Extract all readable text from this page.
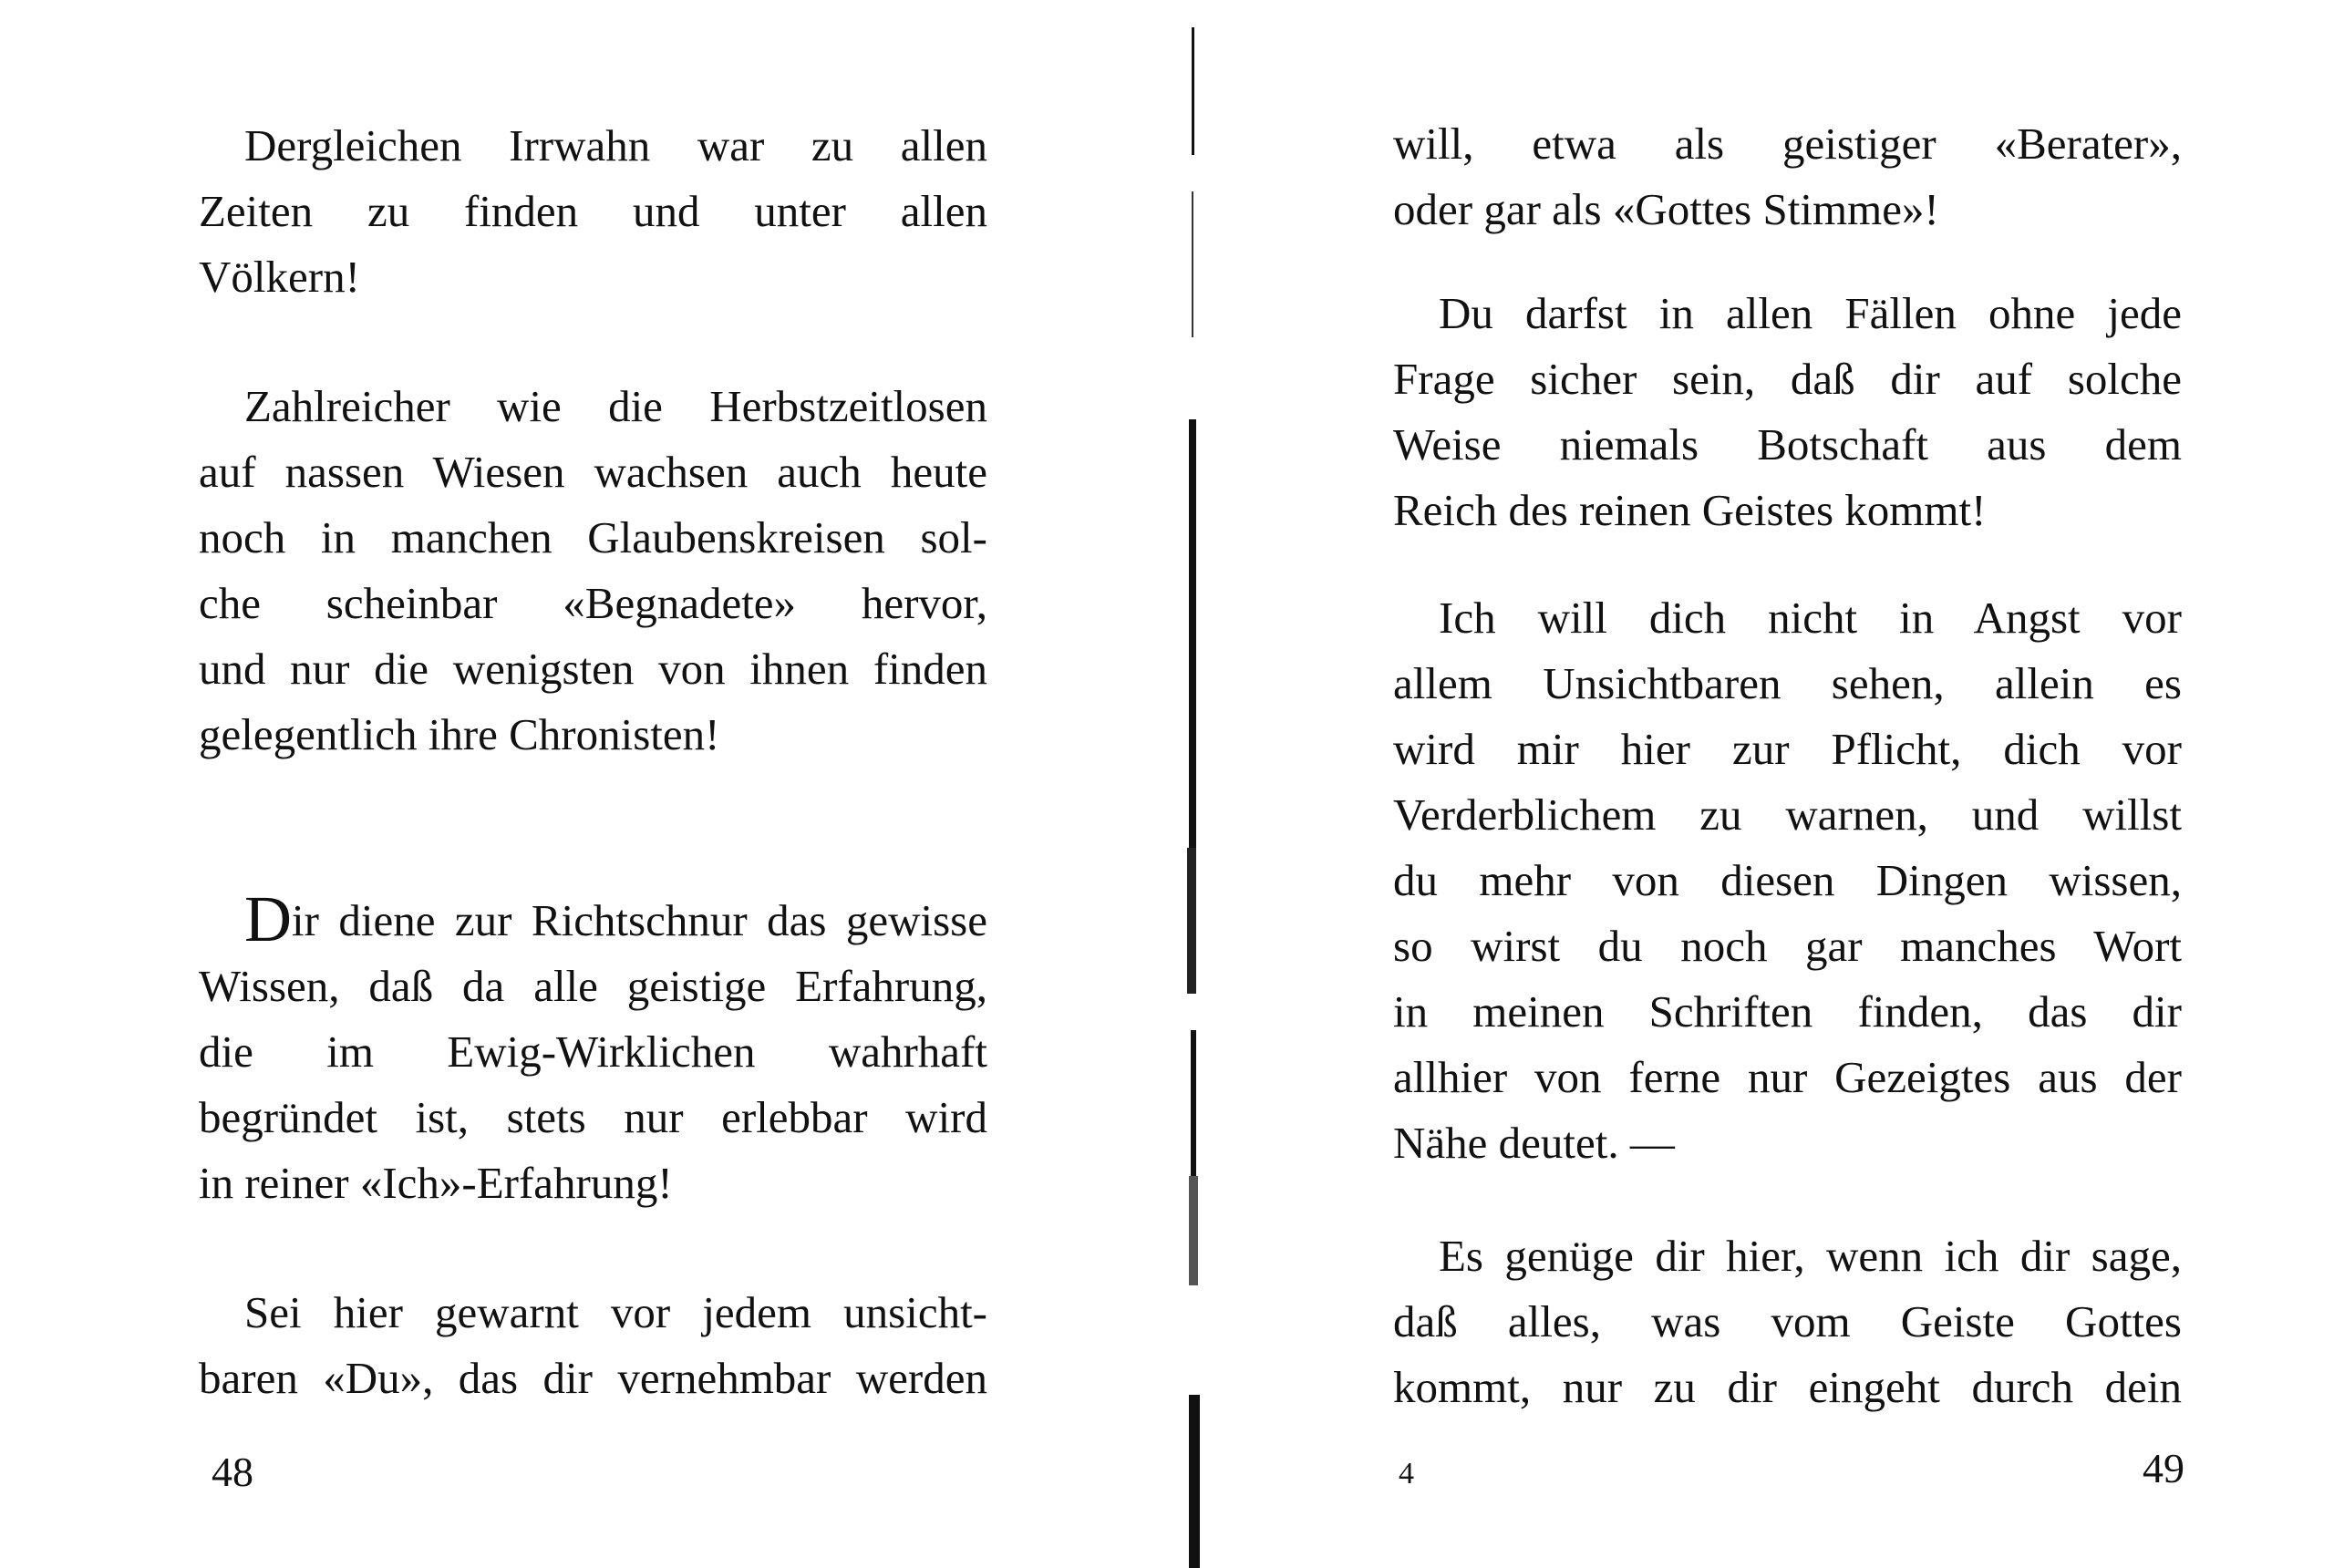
Dergleichen Irrwahn war zu allen
Zeiten zu finden und unter allen
Völkern!

Zahlreicher wie die Herbstzeitlosen
auf nassen Wiesen wachsen auch heute
noch in manchen Glaubenskreisen sol-
che scheinbar «Begnadete» hervor,
und nur die wenigsten von ihnen finden
gelegentlich ihre Chronisten!

Dir diene zur Richtschnur das gewisse
Wissen, daß da alle geistige Erfahrung,
die im Ewig-Wirklichen wahrhaft
begründet ist, stets nur erlebbar wird
in reiner «Ich»-Erfahrung!

Sei hier gewarnt vor jedem unsicht-
baren «Du», das dir vernehmbar werden

48

will, etwa als geistiger «Berater»,
oder gar als «Gottes Stimme»!

Du darfst in allen Fällen ohne jede
Frage sicher sein, daß dir auf solche
Weise niemals Botschaft aus dem
Reich des reinen Geistes kommt!

Ich will dich nicht in Angst vor
allem Unsichtbaren sehen, allein es
wird mir hier zur Pflicht, dich vor
Verderblichem zu warnen, und willst
du mehr von diesen Dingen wissen,
so wirst du noch gar manches Wort
in meinen Schriften finden, das dir
allhier von ferne nur Gezeigtes aus der
Nähe deutet. —

Es genüge dir hier, wenn ich dir sage,
daß alles, was vom Geiste Gottes
kommt, nur zu dir eingeht durch dein

4	49
